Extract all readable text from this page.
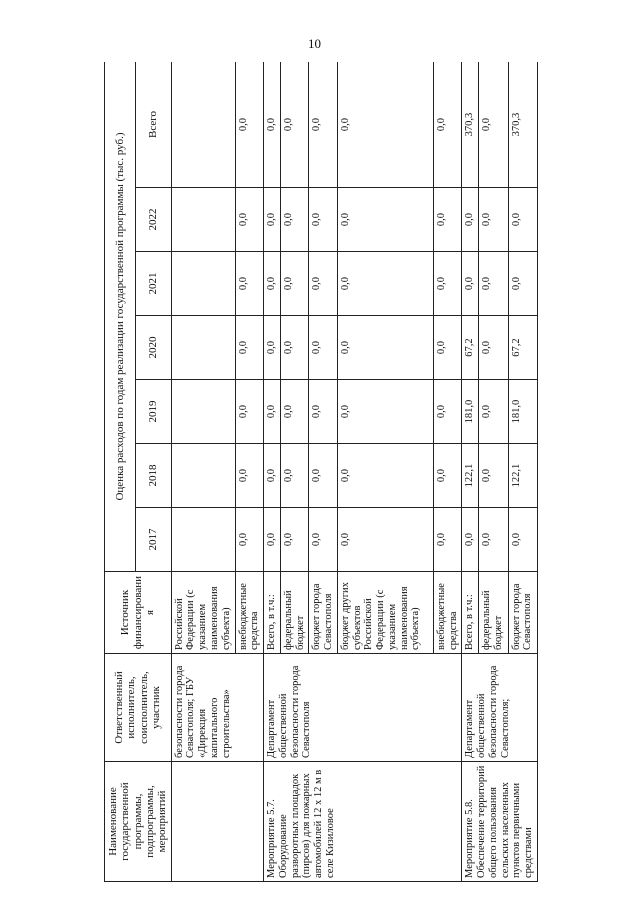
10
Наименование государственной программы, подпрограммы, мероприятий	Ответственный исполнитель, соисполнитель, участник	Источник финансирования	Оценка расходов по годам реализации государственной программы (тыс. руб.)						
			2017	2018	2019	2020	2021	2022	Всего
	безопасности города Севастополя; ГБУ «Дирекция капитального строительства»	Российской Федерации (с указанием наименования субъекта)							
		внебюджетные средства	0,0	0,0	0,0	0,0	0,0	0,0	0,0
Мероприятие 5.7. Оборудование разворотных площадок (пирсов) для пожарных автомобилей 12 х 12 м в селе Кизиловое	Департамент общественной безопасности города Севастополя	Всего, в т.ч.:	0,0	0,0	0,0	0,0	0,0	0,0	0,0
		федеральный бюджет	0,0	0,0	0,0	0,0	0,0	0,0	0,0
		бюджет города Севастополя	0,0	0,0	0,0	0,0	0,0	0,0	0,0
		бюджет других субъектов Российской Федерации (с указанием наименования субъекта)	0,0	0,0	0,0	0,0	0,0	0,0	0,0
		внебюджетные средства	0,0	0,0	0,0	0,0	0,0	0,0	0,0
Мероприятие 5.8. Обеспечение территорий общего пользования сельских населенных пунктов первичными средствами	Департамент общественной безопасности города Севастополя;	Всего, в т.ч.:	0,0	122,1	181,0	67,2	0,0	0,0	370,3
		федеральный бюджет	0,0	0,0	0,0	0,0	0,0	0,0	0,0
		бюджет города Севастополя	0,0	122,1	181,0	67,2	0,0	0,0	370,3
